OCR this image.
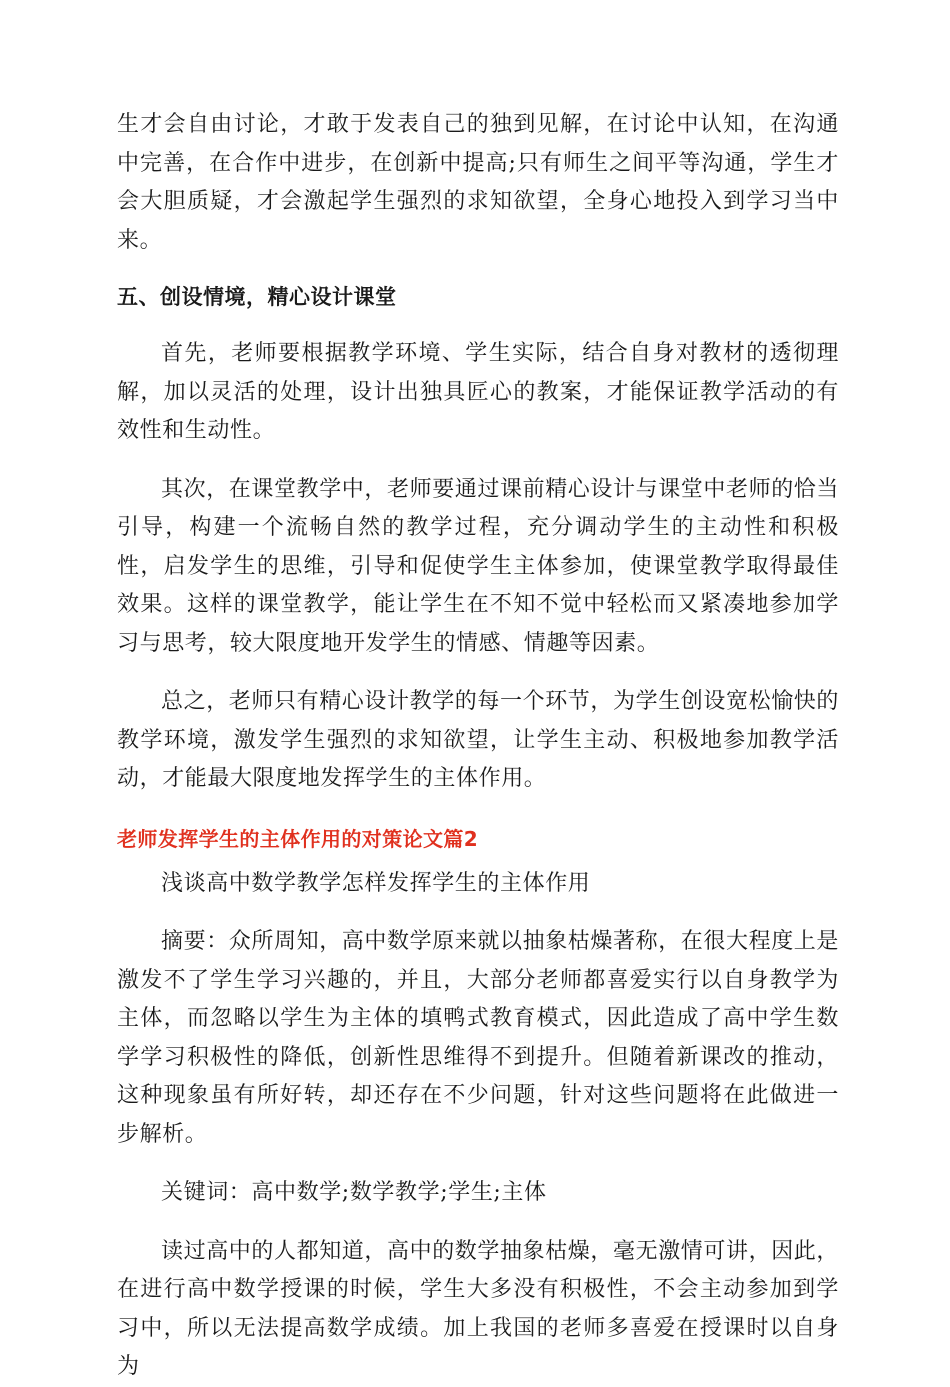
生才会自由讨论，才敢于发表自己的独到见解，在讨论中认知，在沟通中完善，在合作中进步，在创新中提高;只有师生之间平等沟通，学生才会大胆质疑，才会激起学生强烈的求知欲望，全身心地投入到学习当中来。

五、创设情境，精心设计课堂

首先，老师要根据教学环境、学生实际，结合自身对教材的透彻理解，加以灵活的处理，设计出独具匠心的教案，才能保证教学活动的有效性和生动性。

其次，在课堂教学中，老师要通过课前精心设计与课堂中老师的恰当引导，构建一个流畅自然的教学过程，充分调动学生的主动性和积极性，启发学生的思维，引导和促使学生主体参加，使课堂教学取得最佳效果。这样的课堂教学，能让学生在不知不觉中轻松而又紧凑地参加学习与思考，较大限度地开发学生的情感、情趣等因素。

总之，老师只有精心设计教学的每一个环节，为学生创设宽松愉快的教学环境，激发学生强烈的求知欲望，让学生主动、积极地参加教学活动，才能最大限度地发挥学生的主体作用。

老师发挥学生的主体作用的对策论文篇2

浅谈高中数学教学怎样发挥学生的主体作用

摘要：众所周知，高中数学原来就以抽象枯燥著称，在很大程度上是激发不了学生学习兴趣的，并且，大部分老师都喜爱实行以自身教学为主体，而忽略以学生为主体的填鸭式教育模式，因此造成了高中学生数学学习积极性的降低，创新性思维得不到提升。但随着新课改的推动，这种现象虽有所好转，却还存在不少问题，针对这些问题将在此做进一步解析。

关键词：高中数学;数学教学;学生;主体

读过高中的人都知道，高中的数学抽象枯燥，毫无激情可讲，因此，在进行高中数学授课的时候，学生大多没有积极性，不会主动参加到学习中，所以无法提高数学成绩。加上我国的老师多喜爱在授课时以自身为
